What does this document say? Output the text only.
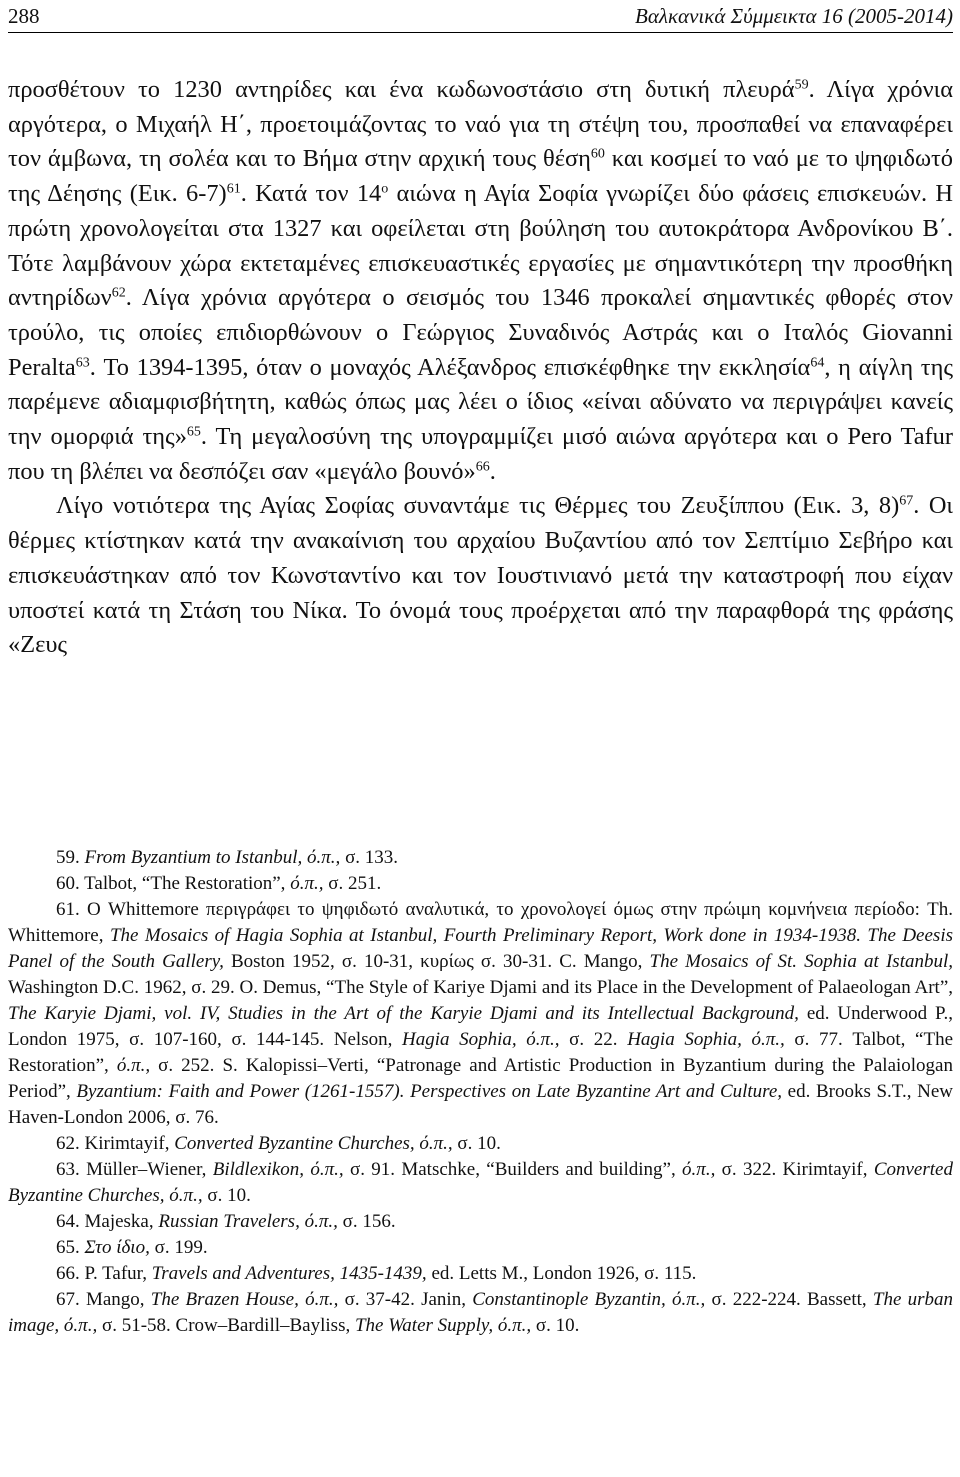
288	Βαλκανικά Σύμμεικτα 16 (2005-2014)

προσθέτουν το 1230 αντηρίδες και ένα κωδωνοστάσιο στη δυτική πλευρά$^{59}$. Λίγα χρόνια αργότερα, ο Μιχαήλ Η΄, προετοιμάζοντας το ναό για τη στέψη του, προσπαθεί να επαναφέρει τον άμβωνα, τη σολέα και το Βήμα στην αρχική τους θέση$^{60}$ και κοσμεί το ναό με το ψηφιδωτό της Δέησης (Εικ. 6-7)$^{61}$. Κατά τον 14$^o$ αιώνα η Αγία Σοφία γνωρίζει δύο φάσεις επισκευών. Η πρώτη χρονολογείται στα 1327 και οφείλεται στη βούληση του αυτοκράτορα Ανδρονίκου Β΄. Τότε λαμβάνουν χώρα εκτεταμένες επισκευαστικές εργασίες με σημαντικότερη την προσθήκη αντηρίδων$^{62}$. Λίγα χρόνια αργότερα ο σεισμός του 1346 προκαλεί σημαντικές φθορές στον τρούλο, τις οποίες επιδιορθώνουν ο Γεώργιος Συναδινός Αστράς και ο Ιταλός Giovanni Peralta$^{63}$. Το 1394-1395, όταν ο μοναχός Αλέξανδρος επισκέφθηκε την εκκλησία$^{64}$, η αίγλη της παρέμενε αδιαμφισβήτητη, καθώς όπως μας λέει ο ίδιος «είναι αδύνατο να περιγράψει κανείς την ομορφιά της»$^{65}$. Τη μεγαλοσύνη της υπογραμμίζει μισό αιώνα αργότερα και ο Pero Tafur που τη βλέπει να δεσπόζει σαν «μεγάλο βουνό»$^{66}$.

Λίγο νοτιότερα της Αγίας Σοφίας συναντάμε τις Θέρμες του Ζευξίππου (Εικ. 3, 8)$^{67}$. Οι θέρμες κτίστηκαν κατά την ανακαίνιση του αρχαίου Βυζαντίου από τον Σεπτίμιο Σεβήρο και επισκευάστηκαν από τον Κωνσταντίνο και τον Ιουστινιανό μετά την καταστροφή που είχαν υποστεί κατά τη Στάση του Νίκα. Το όνομά τους προέρχεται από την παραφθορά της φράσης «Ζευς

59. From Byzantium to Istanbul, ό.π., σ. 133.

60. Talbot, “The Restoration”, ό.π., σ. 251.

61. Ο Whittemore περιγράφει το ψηφιδωτό αναλυτικά, το χρονολογεί όμως στην πρώιμη κομνήνεια περίοδο: Th. Whittemore, The Mosaics of Hagia Sophia at Istanbul, Fourth Preliminary Report, Work done in 1934-1938. The Deesis Panel of the South Gallery, Boston 1952, σ. 10-31, κυρίως σ. 30-31. C. Mango, The Mosaics of St. Sophia at Istanbul, Washington D.C. 1962, σ. 29. O. Demus, “The Style of Kariye Djami and its Place in the Development of Palaeologan Art”, The Karyie Djami, vol. IV, Studies in the Art of the Karyie Djami and its Intellectual Background, ed. Underwood P., London 1975, σ. 107-160, σ. 144-145. Nelson, Hagia Sophia, ό.π., σ. 22. Hagia Sophia, ό.π., σ. 77. Talbot, “The Restoration”, ό.π., σ. 252. S. Kalopissi–Verti, “Patronage and Artistic Production in Byzantium during the Palaiologan Period”, Byzantium: Faith and Power (1261-1557). Perspectives on Late Byzantine Art and Culture, ed. Brooks S.T., New Haven-London 2006, σ. 76.

62. Kirimtayif, Converted Byzantine Churches, ό.π., σ. 10.

63. Müller–Wiener, Bildlexikon, ό.π., σ. 91. Matschke, “Builders and building”, ό.π., σ. 322. Kirimtayif, Converted Byzantine Churches, ό.π., σ. 10.

64. Majeska, Russian Travelers, ό.π., σ. 156.

65. Στο ίδιο, σ. 199.

66. P. Tafur, Travels and Adventures, 1435-1439, ed. Letts M., London 1926, σ. 115.

67. Mango, The Brazen House, ό.π., σ. 37-42. Janin, Constantinople Byzantin, ό.π., σ. 222-224. Bassett, The urban image, ό.π., σ. 51-58. Crow–Bardill–Bayliss, The Water Supply, ό.π., σ. 10.
